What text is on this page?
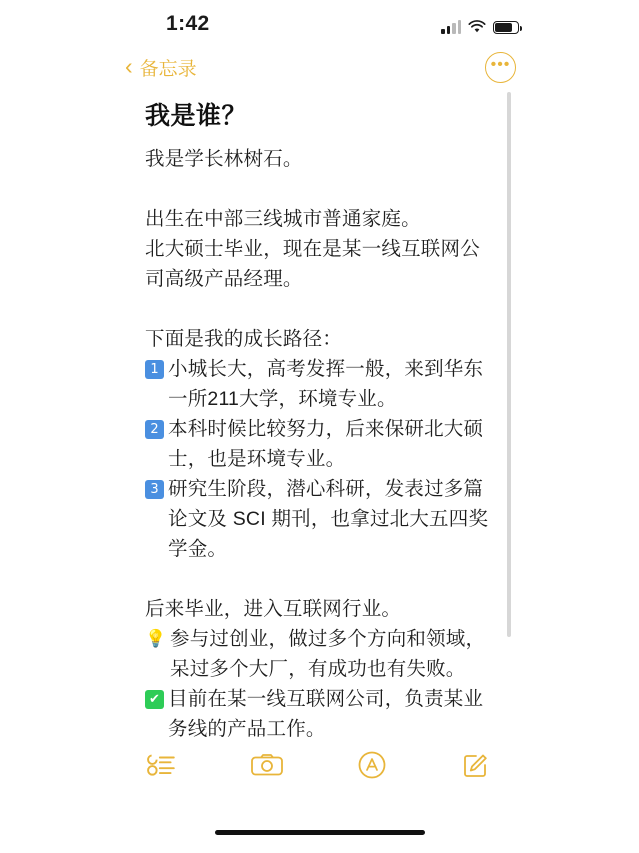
1:42
‹ 备忘录	•••
我是谁？

我是学长林树石。

出生在中部三线城市普通家庭。

北大硕士毕业，现在是某一线互联网公司高级产品经理。

下面是我的成长路径：

1 小城长大，高考发挥一般，来到华东一所211大学，环境专业。

2 本科时候比较努力，后来保研北大硕士，也是环境专业。

3 研究生阶段，潜心科研，发表过多篇论文及 SCI 期刊，也拿过北大五四奖学金。

后来毕业，进入互联网行业。

💡 参与过创业，做过多个方向和领域，呆过多个大厂，有成功也有失败。

✔ 目前在某一线互联网公司，负责某业务线的产品工作。
